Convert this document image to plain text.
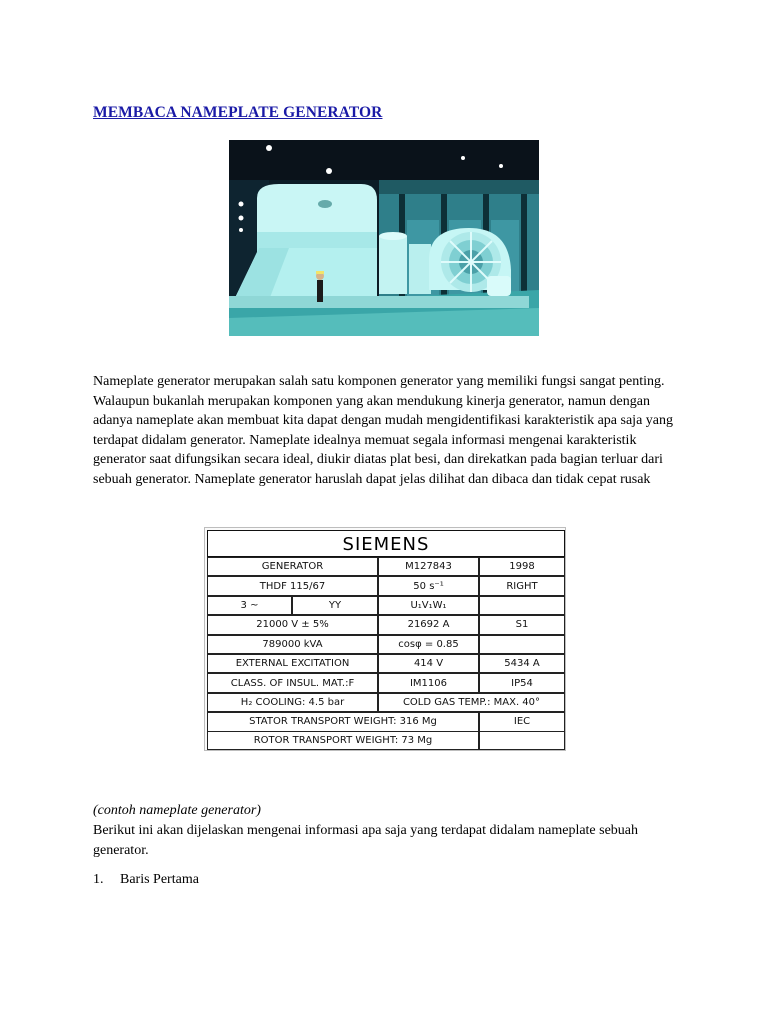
MEMBACA NAMEPLATE GENERATOR

Nameplate generator merupakan salah satu komponen generator yang memiliki fungsi sangat penting. Walaupun bukanlah merupakan komponen yang akan mendukung kinerja generator, namun dengan adanya nameplate akan membuat kita dapat dengan mudah mengidentifikasi karakteristik apa saja yang terdapat didalam generator. Nameplate idealnya memuat segala informasi mengenai karakteristik generator saat difungsikan secara ideal, diukir diatas plat besi, dan direkatkan pada bagian terluar dari sebuah generator. Nameplate generator haruslah dapat jelas dilihat dan dibaca dan tidak cepat rusak

SIEMENS
GENERATOR	M127843	1998
THDF 115/67	50 s⁻¹	RIGHT
3 ~	YY	U₁V₁W₁
21000 V ± 5%	21692 A	S1
789000 kVA	cosφ = 0.85
EXTERNAL EXCITATION	414 V	5434 A
CLASS. OF INSUL. MAT.:F	IM1106	IP54
H₂ COOLING: 4.5 bar	COLD GAS TEMP.: MAX. 40°
STATOR TRANSPORT WEIGHT: 316 Mg	IEC
ROTOR TRANSPORT WEIGHT: 73 Mg
(contoh nameplate generator)

Berikut ini akan dijelaskan mengenai informasi apa saja yang terdapat didalam nameplate sebuah generator.

1. Baris Pertama
